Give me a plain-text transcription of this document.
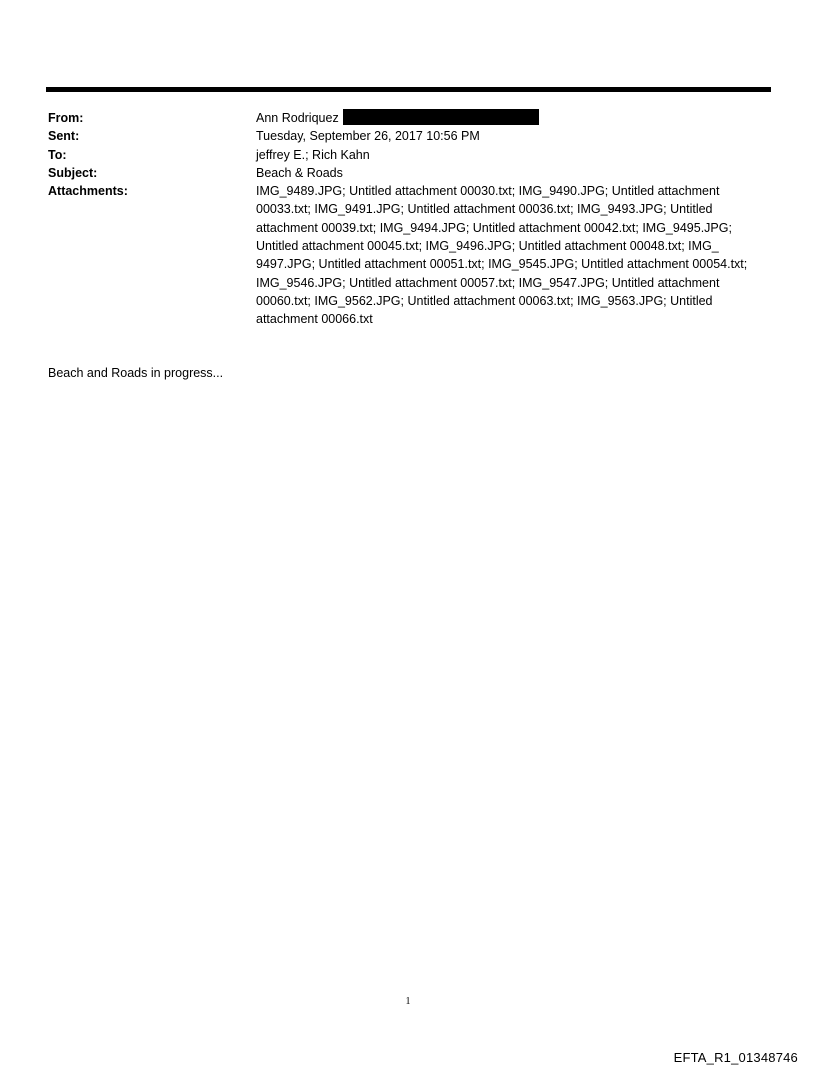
From:	Ann Rodriquez
Sent:	Tuesday, September 26, 2017 10:56 PM
To:	jeffrey E.; Rich Kahn
Subject:	Beach & Roads
Attachments:	IMG_9489.JPG; Untitled attachment 00030.txt; IMG_9490.JPG; Untitled attachment 00033.txt; IMG_9491.JPG; Untitled attachment 00036.txt; IMG_9493.JPG; Untitled attachment 00039.txt; IMG_9494.JPG; Untitled attachment 00042.txt; IMG_9495.JPG; Untitled attachment 00045.txt; IMG_9496.JPG; Untitled attachment 00048.txt; IMG_ 9497.JPG; Untitled attachment 00051.txt; IMG_9545.JPG; Untitled attachment 00054.txt; IMG_9546.JPG; Untitled attachment 00057.txt; IMG_9547.JPG; Untitled attachment 00060.txt; IMG_9562.JPG; Untitled attachment 00063.txt; IMG_9563.JPG; Untitled attachment 00066.txt
Beach and Roads in progress...
1
EFTA_R1_01348746
